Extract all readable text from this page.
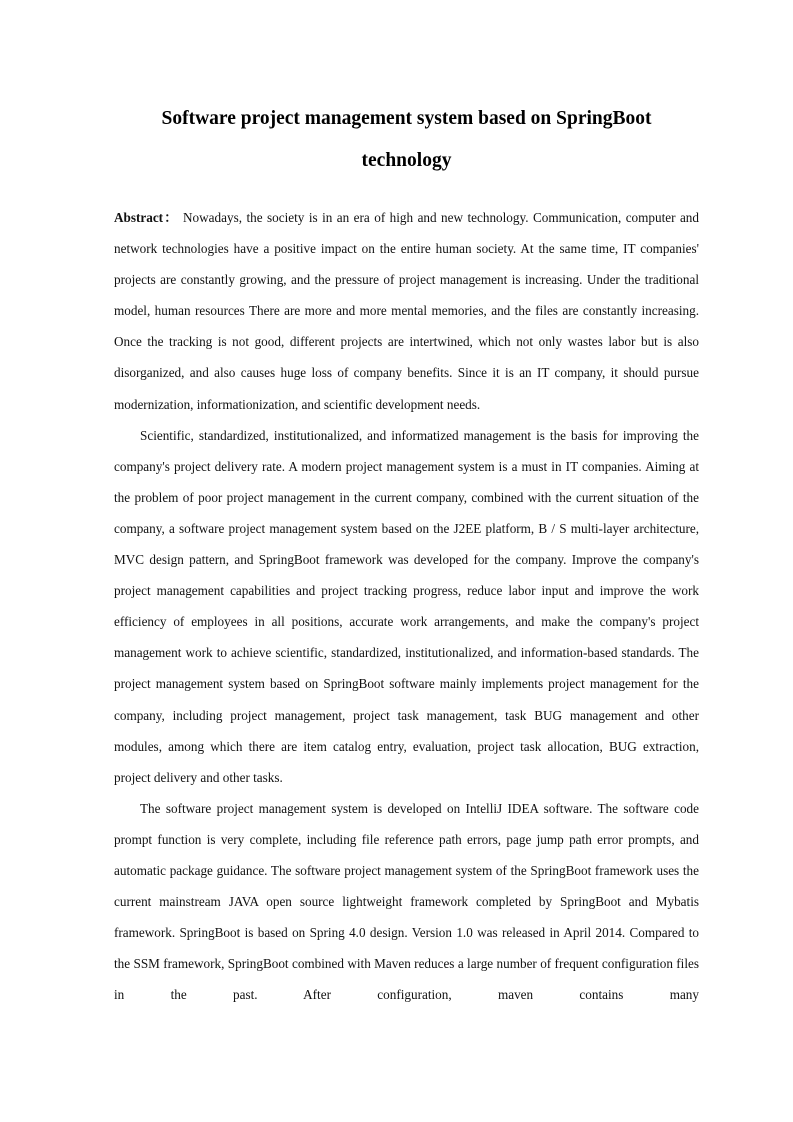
Software project management system based on SpringBoot
technology

Abstract： Nowadays, the society is in an era of high and new technology. Communication, computer and network technologies have a positive impact on the entire human society. At the same time, IT companies' projects are constantly growing, and the pressure of project management is increasing. Under the traditional model, human resources There are more and more mental memories, and the files are constantly increasing. Once the tracking is not good, different projects are intertwined, which not only wastes labor but is also disorganized, and also causes huge loss of company benefits. Since it is an IT company, it should pursue modernization, informationization, and scientific development needs.

Scientific, standardized, institutionalized, and informatized management is the basis for improving the company's project delivery rate. A modern project management system is a must in IT companies. Aiming at the problem of poor project management in the current company, combined with the current situation of the company, a software project management system based on the J2EE platform, B / S multi-layer architecture, MVC design pattern, and SpringBoot framework was developed for the company. Improve the company's project management capabilities and project tracking progress, reduce labor input and improve the work efficiency of employees in all positions, accurate work arrangements, and make the company's project management work to achieve scientific, standardized, institutionalized, and information-based standards. The project management system based on SpringBoot software mainly implements project management for the company, including project management, project task management, task BUG management and other modules, among which there are item catalog entry, evaluation, project task allocation, BUG extraction, project delivery and other tasks.

The software project management system is developed on IntelliJ IDEA software. The software code prompt function is very complete, including file reference path errors, page jump path error prompts, and automatic package guidance. The software project management system of the SpringBoot framework uses the current mainstream JAVA open source lightweight framework completed by SpringBoot and Mybatis framework. SpringBoot is based on Spring 4.0 design. Version 1.0 was released in April 2014. Compared to the SSM framework, SpringBoot combined with Maven reduces a large number of frequent configuration files in the past. After configuration, maven contains many
